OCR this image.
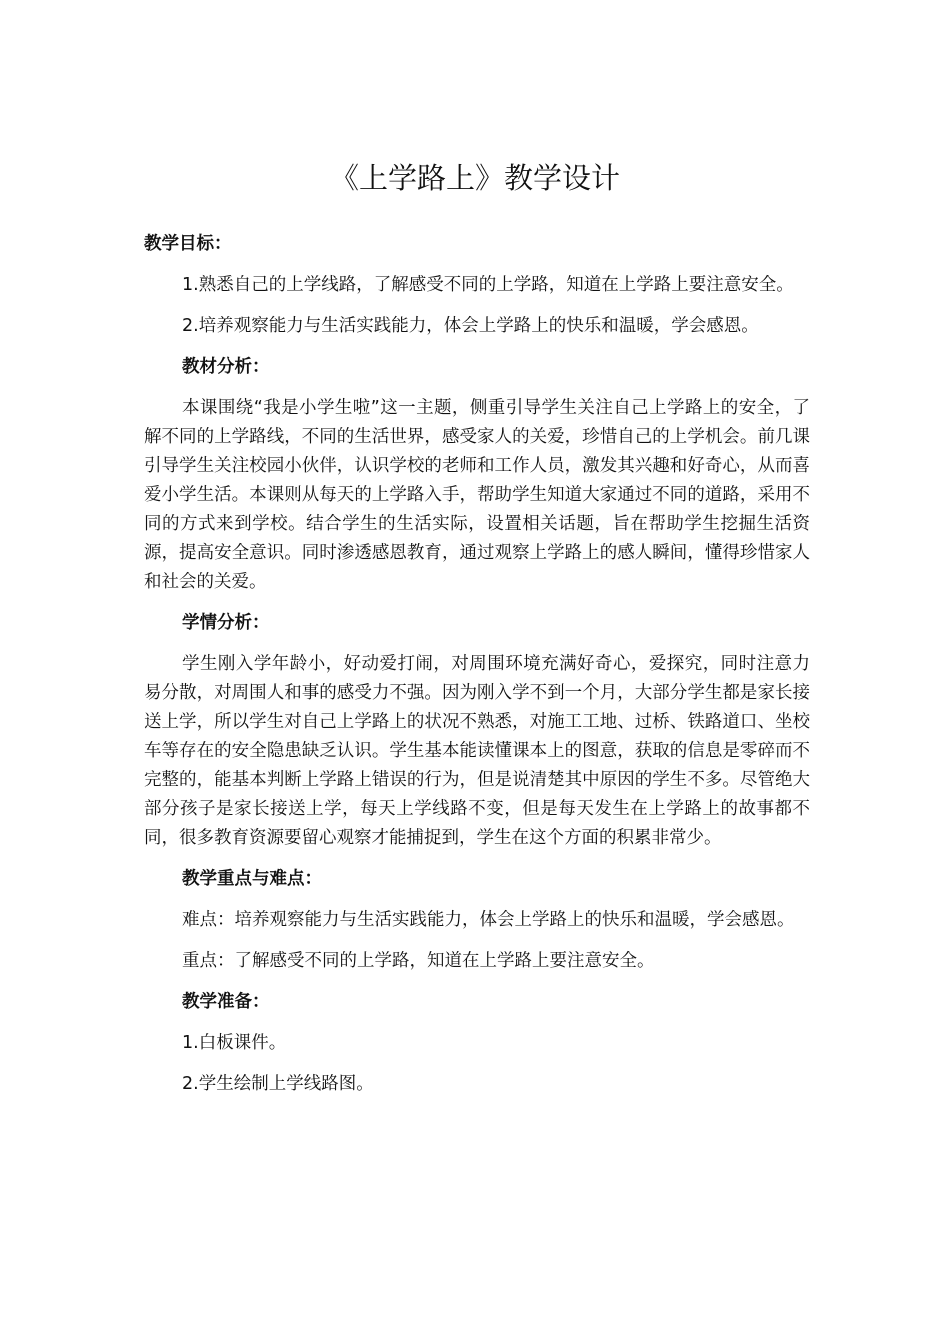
《上学路上》教学设计
教学目标：

1.熟悉自己的上学线路，了解感受不同的上学路，知道在上学路上要注意安全。

2.培养观察能力与生活实践能力，体会上学路上的快乐和温暖，学会感恩。

教材分析：

本课围绕“我是小学生啦”这一主题，侧重引导学生关注自己上学路上的安全，了解不同的上学路线，不同的生活世界，感受家人的关爱，珍惜自己的上学机会。前几课引导学生关注校园小伙伴，认识学校的老师和工作人员，激发其兴趣和好奇心，从而喜爱小学生活。本课则从每天的上学路入手，帮助学生知道大家通过不同的道路，采用不同的方式来到学校。结合学生的生活实际，设置相关话题，旨在帮助学生挖掘生活资源，提高安全意识。同时渗透感恩教育，通过观察上学路上的感人瞬间，懂得珍惜家人和社会的关爱。

学情分析：

学生刚入学年龄小，好动爱打闹，对周围环境充满好奇心，爱探究，同时注意力易分散，对周围人和事的感受力不强。因为刚入学不到一个月，大部分学生都是家长接送上学，所以学生对自己上学路上的状况不熟悉，对施工工地、过桥、铁路道口、坐校车等存在的安全隐患缺乏认识。学生基本能读懂课本上的图意，获取的信息是零碎而不完整的，能基本判断上学路上错误的行为，但是说清楚其中原因的学生不多。尽管绝大部分孩子是家长接送上学，每天上学线路不变，但是每天发生在上学路上的故事都不同，很多教育资源要留心观察才能捕捉到，学生在这个方面的积累非常少。

教学重点与难点：

难点：培养观察能力与生活实践能力，体会上学路上的快乐和温暖，学会感恩。

重点：了解感受不同的上学路，知道在上学路上要注意安全。

教学准备：

1.白板课件。

2.学生绘制上学线路图。
